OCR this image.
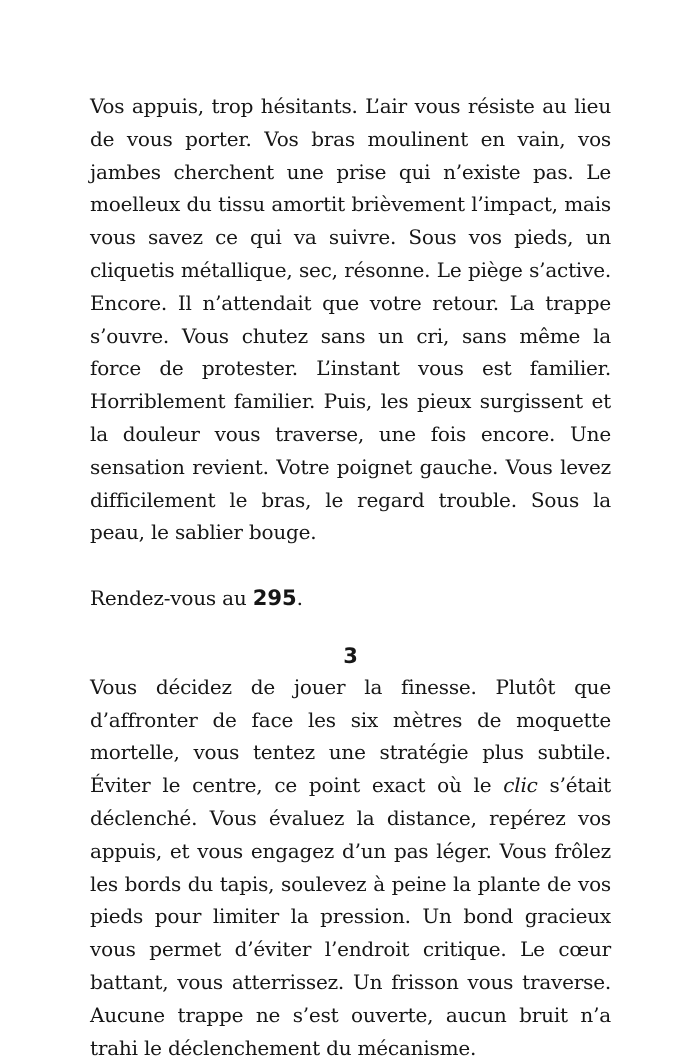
Vos appuis, trop hésitants. L’air vous résiste au lieu de vous porter. Vos bras moulinent en vain, vos jambes cherchent une prise qui n’existe pas. Le moelleux du tissu amortit brièvement l’impact, mais vous savez ce qui va suivre. Sous vos pieds, un cliquetis métallique, sec, résonne. Le piège s’active. Encore. Il n’attendait que votre retour. La trappe s’ouvre. Vous chutez sans un cri, sans même la force de protester. L’instant vous est familier. Horriblement familier. Puis, les pieux surgissent et la douleur vous traverse, une fois encore. Une sensation revient. Votre poignet gauche. Vous levez difficilement le bras, le regard trouble. Sous la peau, le sablier bouge.

Rendez-vous au 295.

3

Vous décidez de jouer la finesse. Plutôt que d’affronter de face les six mètres de moquette mortelle, vous tentez une stratégie plus subtile. Éviter le centre, ce point exact où le clic s’était déclenché. Vous évaluez la distance, repérez vos appuis, et vous engagez d’un pas léger. Vous frôlez les bords du tapis, soulevez à peine la plante de vos pieds pour limiter la pression. Un bond gracieux vous permet d’éviter l’endroit critique. Le cœur battant, vous atterrissez. Un frisson vous traverse. Aucune trappe ne s’est ouverte, aucun bruit n’a trahi le déclenchement du mécanisme.
